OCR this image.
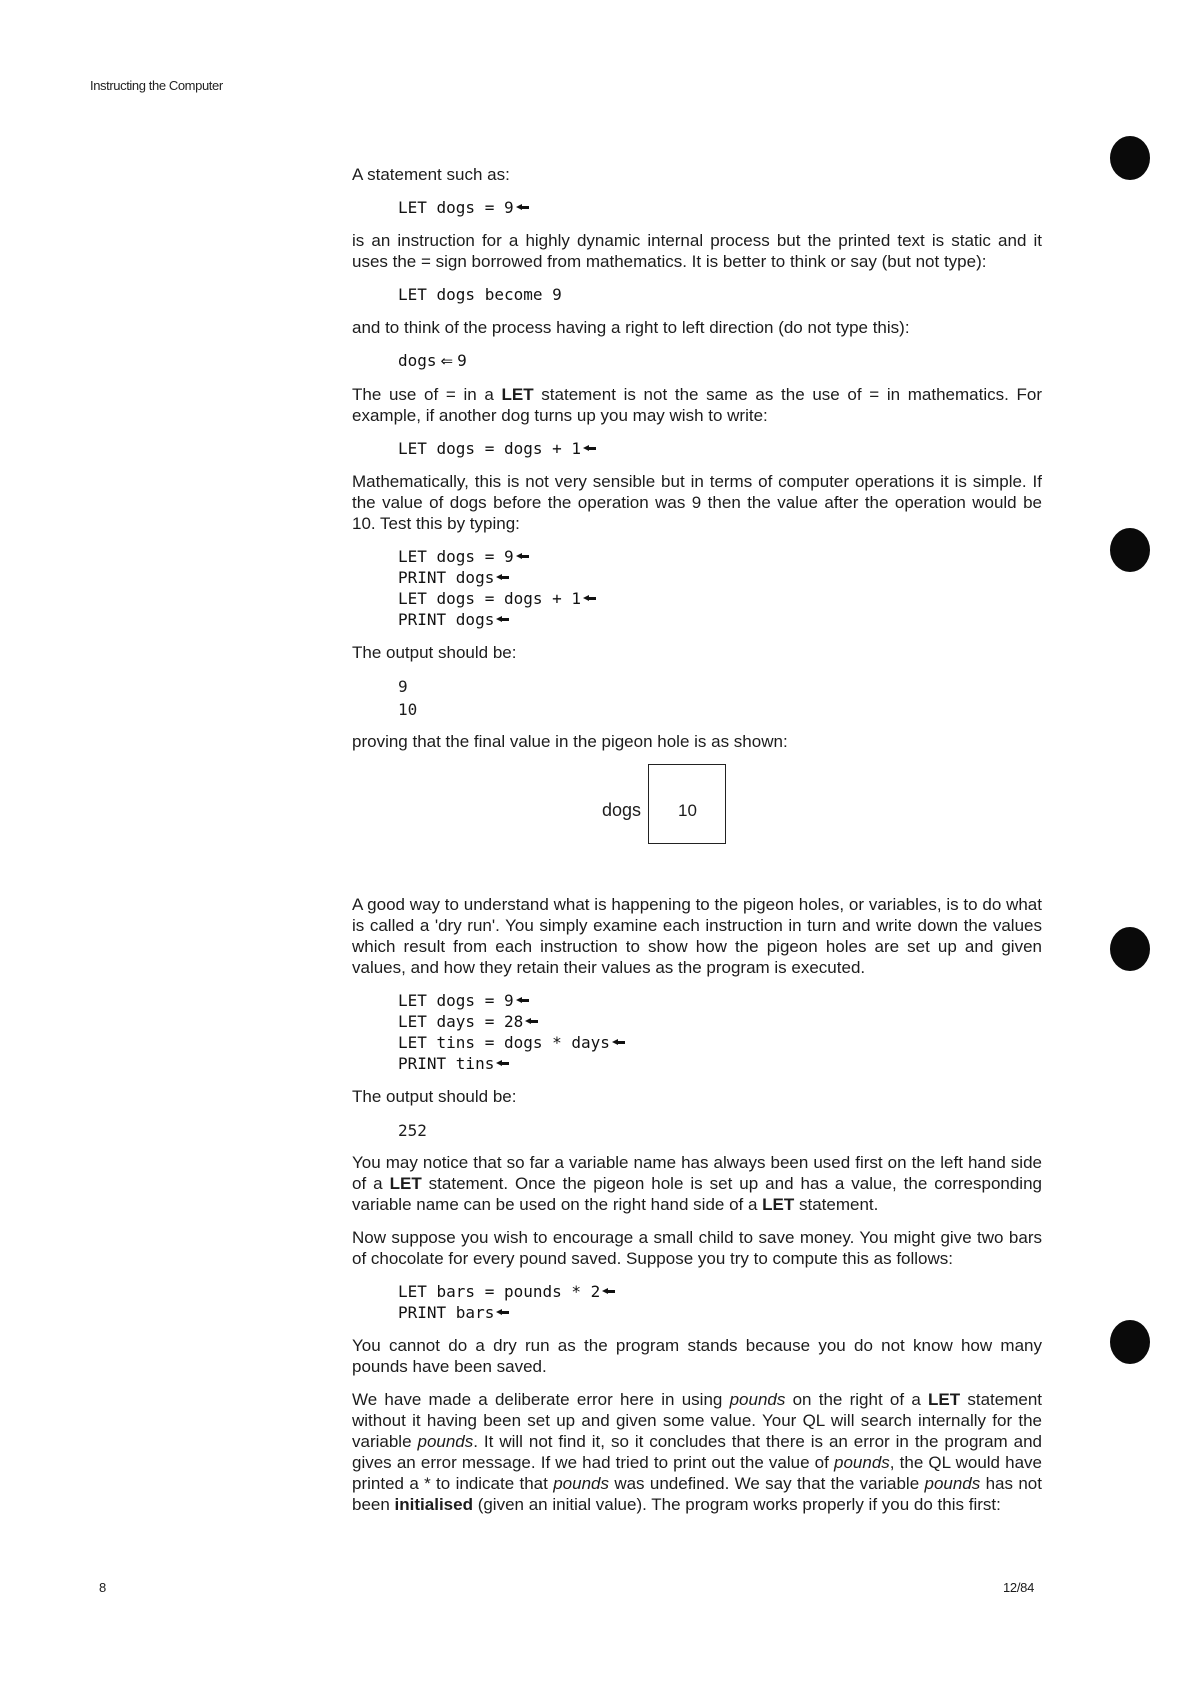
Instructing the Computer

A statement such as:

LET dogs = 9

is an instruction for a highly dynamic internal process but the printed text is static and it uses the = sign borrowed from mathematics. It is better to think or say (but not type):

LET dogs become 9

and to think of the process having a right to left direction (do not type this):

dogs ⇐ 9

The use of = in a LET statement is not the same as the use of = in mathematics. For example, if another dog turns up you may wish to write:

LET dogs = dogs + 1

Mathematically, this is not very sensible but in terms of computer operations it is simple. If the value of dogs before the operation was 9 then the value after the operation would be 10. Test this by typing:

LET dogs = 9
PRINT dogs
LET dogs = dogs + 1
PRINT dogs

The output should be:

9
10

proving that the final value in the pigeon hole is as shown:

dogs 10

A good way to understand what is happening to the pigeon holes, or variables, is to do what is called a 'dry run'. You simply examine each instruction in turn and write down the values which result from each instruction to show how the pigeon holes are set up and given values, and how they retain their values as the program is executed.

LET dogs = 9
LET days = 28
LET tins = dogs * days
PRINT tins

The output should be:

252

You may notice that so far a variable name has always been used first on the left hand side of a LET statement. Once the pigeon hole is set up and has a value, the corresponding variable name can be used on the right hand side of a LET statement.

Now suppose you wish to encourage a small child to save money. You might give two bars of chocolate for every pound saved. Suppose you try to compute this as follows:

LET bars = pounds * 2
PRINT bars

You cannot do a dry run as the program stands because you do not know how many pounds have been saved.

We have made a deliberate error here in using pounds on the right of a LET statement without it having been set up and given some value. Your QL will search internally for the variable pounds. It will not find it, so it concludes that there is an error in the program and gives an error message. If we had tried to print out the value of pounds, the QL would have printed a * to indicate that pounds was undefined. We say that the variable pounds has not been initialised (given an initial value). The program works properly if you do this first:

8	12/84
